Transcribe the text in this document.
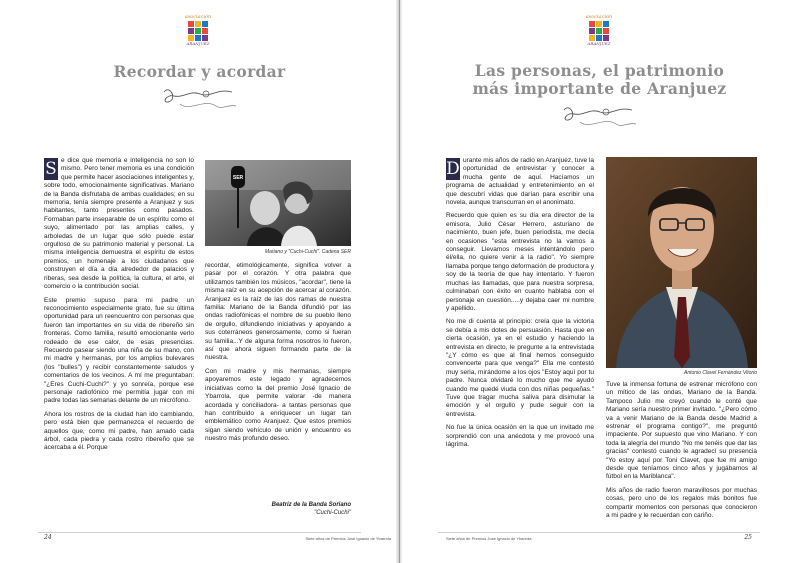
asociación
ARANJUEZ
Recordar y acordar

S e dice que memoria e inteligencia no son lo mismo. Pero tener memoria es una condición que permite hacer asociaciones inteligentes y, sobre todo, emocionalmente significativas. Mariano de la Banda disfrutaba de ambas cualidades; en su memoria, tenía siempre presente a Aranjuez y sus habitantes, tanto presentes como pasados. Formaban parte inseparable de un espíritu como el suyo, alimentado por las amplias calles, y arboledas de un lugar que sólo puede estar orgulloso de su patrimonio material y personal. La misma inteligencia demuestra el espíritu de estos premios, un homenaje a los ciudadanos que construyen el día a día alrededor de palacios y riberas, sea desde la política, la cultura, el arte, el comercio o la contribución social.

Este premio supuso para mi padre un reconocimiento especialmente grato, fue su última oportunidad para un reencuentro con personas que fueron tan importantes en su vida de ribereño sin fronteras. Como familia, resultó emocionante verlo rodeado de ese calor, de esas presencias. Recuerdo pasear siendo una niña de su mano, con mi madre y hermanas, por los amplios bulevares (los "bulles") y recibir constantemente saludos y comentarios de los vecinos. A mí me preguntaban: "¿Eres Cuchi-Cuchi?" y yo sonreía, porque ese personaje radiofónico me permitía jugar con mi padre todas las semanas delante de un micrófono.

Ahora los rostros de la ciudad han ido cambiando, pero está bien que permanezca el recuerdo de aquellos que, como mi padre, han amado cada árbol, cada piedra y cada rostro ribereño que se acercaba a él. Porque

SER
Mariano y "Cuchi-Cuchi". Cadena SER

recordar, etimológicamente, significa volver a pasar por el corazón. Y otra palabra que utilizamos también los músicos, "acordar", tiene la misma raíz en su acepción de acercar al corazón. Aranjuez es la raíz de las dos ramas de nuestra familia: Mariano de la Banda difundió por las ondas radiofónicas el nombre de su pueblo lleno de orgullo, difundiendo iniciativas y apoyando a sus coterráneos generosamente, como si fueran su familia...Y de alguna forma nosotros lo fueron, así que ahora siguen formando parte de la nuestra.

Con mi madre y mis hermanas, siempre apoyaremos este legado y agradecemos iniciativas como la del premio José Ignacio de Ybarrola, que permite valorar -de manera acordada y conciliadora- a tantas personas que han contribuido a enriquecer un lugar tan emblemático como Aranjuez. Que estos premios sigan siendo vehículo de unión y encuentro es nuestro más profundo deseo.

Beatriz de la Banda Soriano
"Cuchi-Cuchi"
24	Siete años de Premios José Ignacio de Ybarrola
asociación
ARANJUEZ
Las personas, el patrimonio
más importante de Aranjuez

D urante mis años de radio en Aranjuez, tuve la oportunidad de entrevistar y conocer a mucha gente de aquí. Hacíamos un programa de actualidad y entretenimiento en el que descubrí vidas que darían para escribir una novela, aunque transcurran en el anonimato.

Recuerdo que quien es su día era director de la emisora, Julio César Herrero, asturiano de nacimiento, buen jefe, buen periodista, me decía en ocasiones "esta entrevista no la vamos a conseguir. Llevamos meses intentándolo pero él/ella, no quiere venir a la radio". Yo siempre llamaba porque tengo deformación de productora y soy de la teoría de que hay intentarlo. Y fueron muchas las llamadas, que para nuestra sorpresa, culminaban con éxito en cuanto hablaba con el personaje en cuestión.....y dejaba caer mi nombre y apellido.

No me di cuenta al principio: creía que la victoria se debía a mis dotes de persuasión. Hasta que en cierta ocasión, ya en el estudio y haciendo la entrevista en directo, le pregunte a la entrevistada "¿Y cómo es que al final hemos conseguido convencerte para que venga?" Ella me contestó muy seria, mirándome a los ojos "Estoy aquí por tu padre. Nunca olvidaré lo mucho que me ayudó cuando me quedé viuda con dos niñas pequeñas." Tuve que tragar mucha saliva para disimular la emoción y el orgullo y pude seguir con la entrevista.

No fue la única ocasión en la que un invitado me sorprendió con una anécdota y me provocó una lágrima.

Antonio Clavel Fernández Vitorio

Tuve la inmensa fortuna de estrenar micrófono con un mítico de las ondas, Mariano de la Banda. Tampoco Julio me creyó cuando le conté que Mariano sería nuestro primer invitado. "¿Pero cómo va a venir Mariano de la Banda desde Madrid a estrenar el programa contigo?", me preguntó impaciente. Por supuesto que vino Mariano. Y con toda la alegría del mundo "No me tenéis que dar las gracias" contestó cuando le agradecí su presencia "Yo estoy aquí por Toni Clavet, que fue mi amigo desde que teníamos cinco años y jugábamos al fútbol en la Mariblanca".

Mis años de radio fueron maravillosos por muchas cosas, pero uno de los regalos más bonitos fue compartir momentos con personas que conocieron a mi padre y le recuerdan con cariño.

Siete años de Premios José Ignacio de Ybarrola	25
